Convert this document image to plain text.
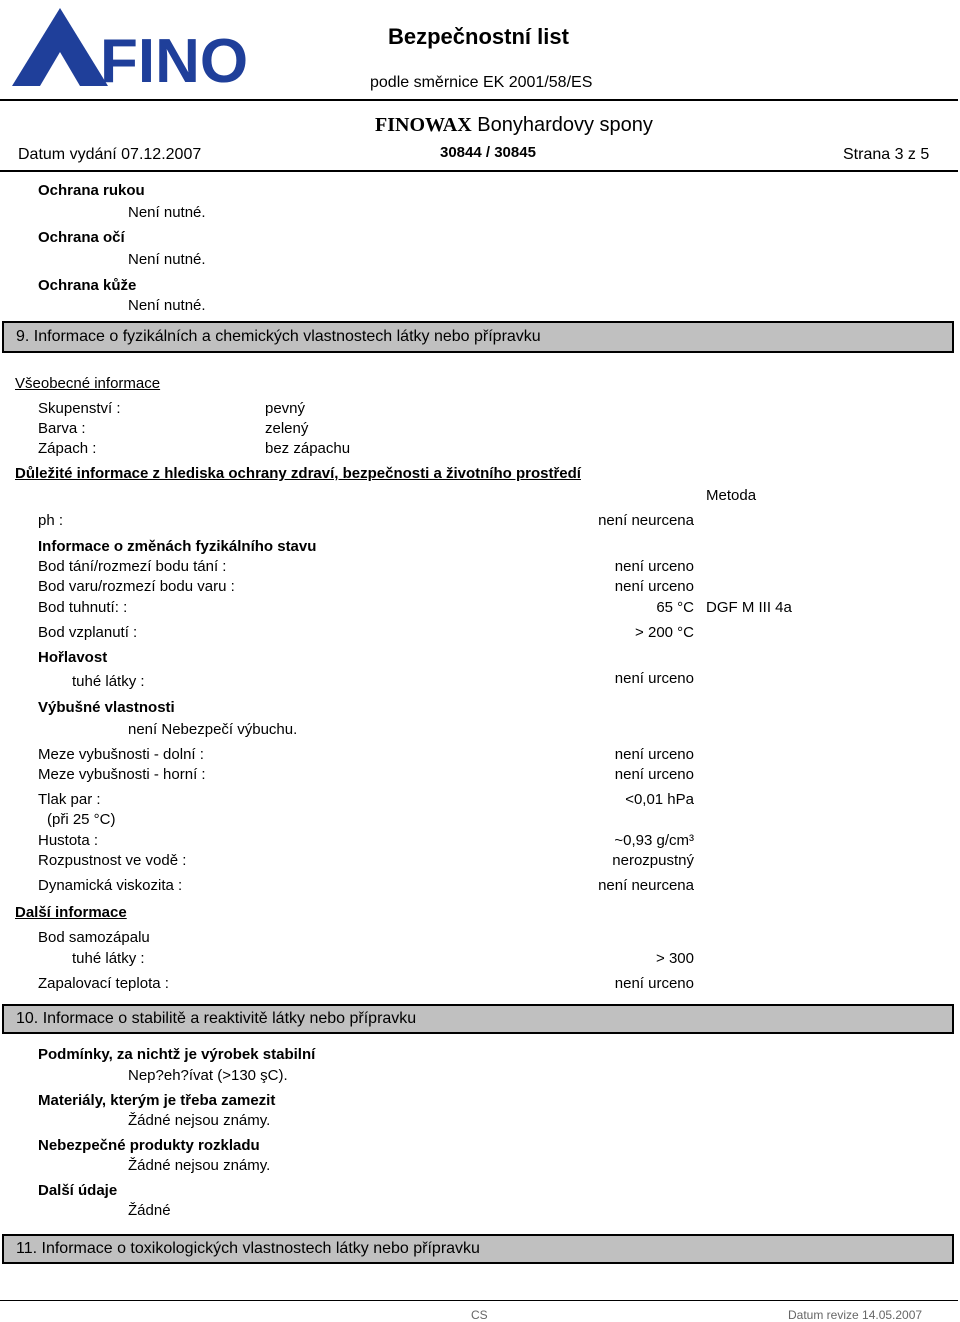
FINO	Bezpečnostní list
podle směrnice EK 2001/58/ES
FINOWAX Bonyhardovy spony
Datum vydání 07.12.2007	30844 / 30845	Strana 3 z 5
Ochrana rukou
Není nutné.
Ochrana očí
Není nutné.
Ochrana kůže
Není nutné.
9. Informace o fyzikálních a chemických vlastnostech látky nebo přípravku
Všeobecné informace
Skupenství :	pevný
Barva :	zelený
Zápach :	bez zápachu
Důležité informace z hlediska ochrany zdraví, bezpečnosti a životního prostředí
Metoda
ph :	není neurcena
Informace o změnách fyzikálního stavu
Bod tání/rozmezí bodu tání :	není urceno
Bod varu/rozmezí bodu varu :	není urceno
Bod tuhnutí: :	65 °C DGF M III 4a
Bod vzplanutí :	> 200 °C
Hořlavost
tuhé látky :	není urceno
Výbušné vlastnosti
není Nebezpečí výbuchu.
Meze vybušnosti - dolní :	není urceno
Meze vybušnosti - horní :	není urceno
Tlak par :	<0,01 hPa
(při 25 °C)
Hustota :	~0,93 g/cm³
Rozpustnost ve vodě :	nerozpustný
Dynamická viskozita :	není neurcena
Další informace
Bod samozápalu
tuhé látky :	> 300
Zapalovací teplota :	není urceno
10. Informace o stabilitě a reaktivitě látky nebo přípravku
Podmínky, za nichtž je výrobek stabilní
Nep?eh?ívat (>130 şC).
Materiály, kterým je třeba zamezit
Žádné nejsou známy.
Nebezpečné produkty rozkladu
Žádné nejsou známy.
Další údaje
Žádné
11. Informace o toxikologických vlastnostech látky nebo přípravku
CS	Datum revize 14.05.2007
